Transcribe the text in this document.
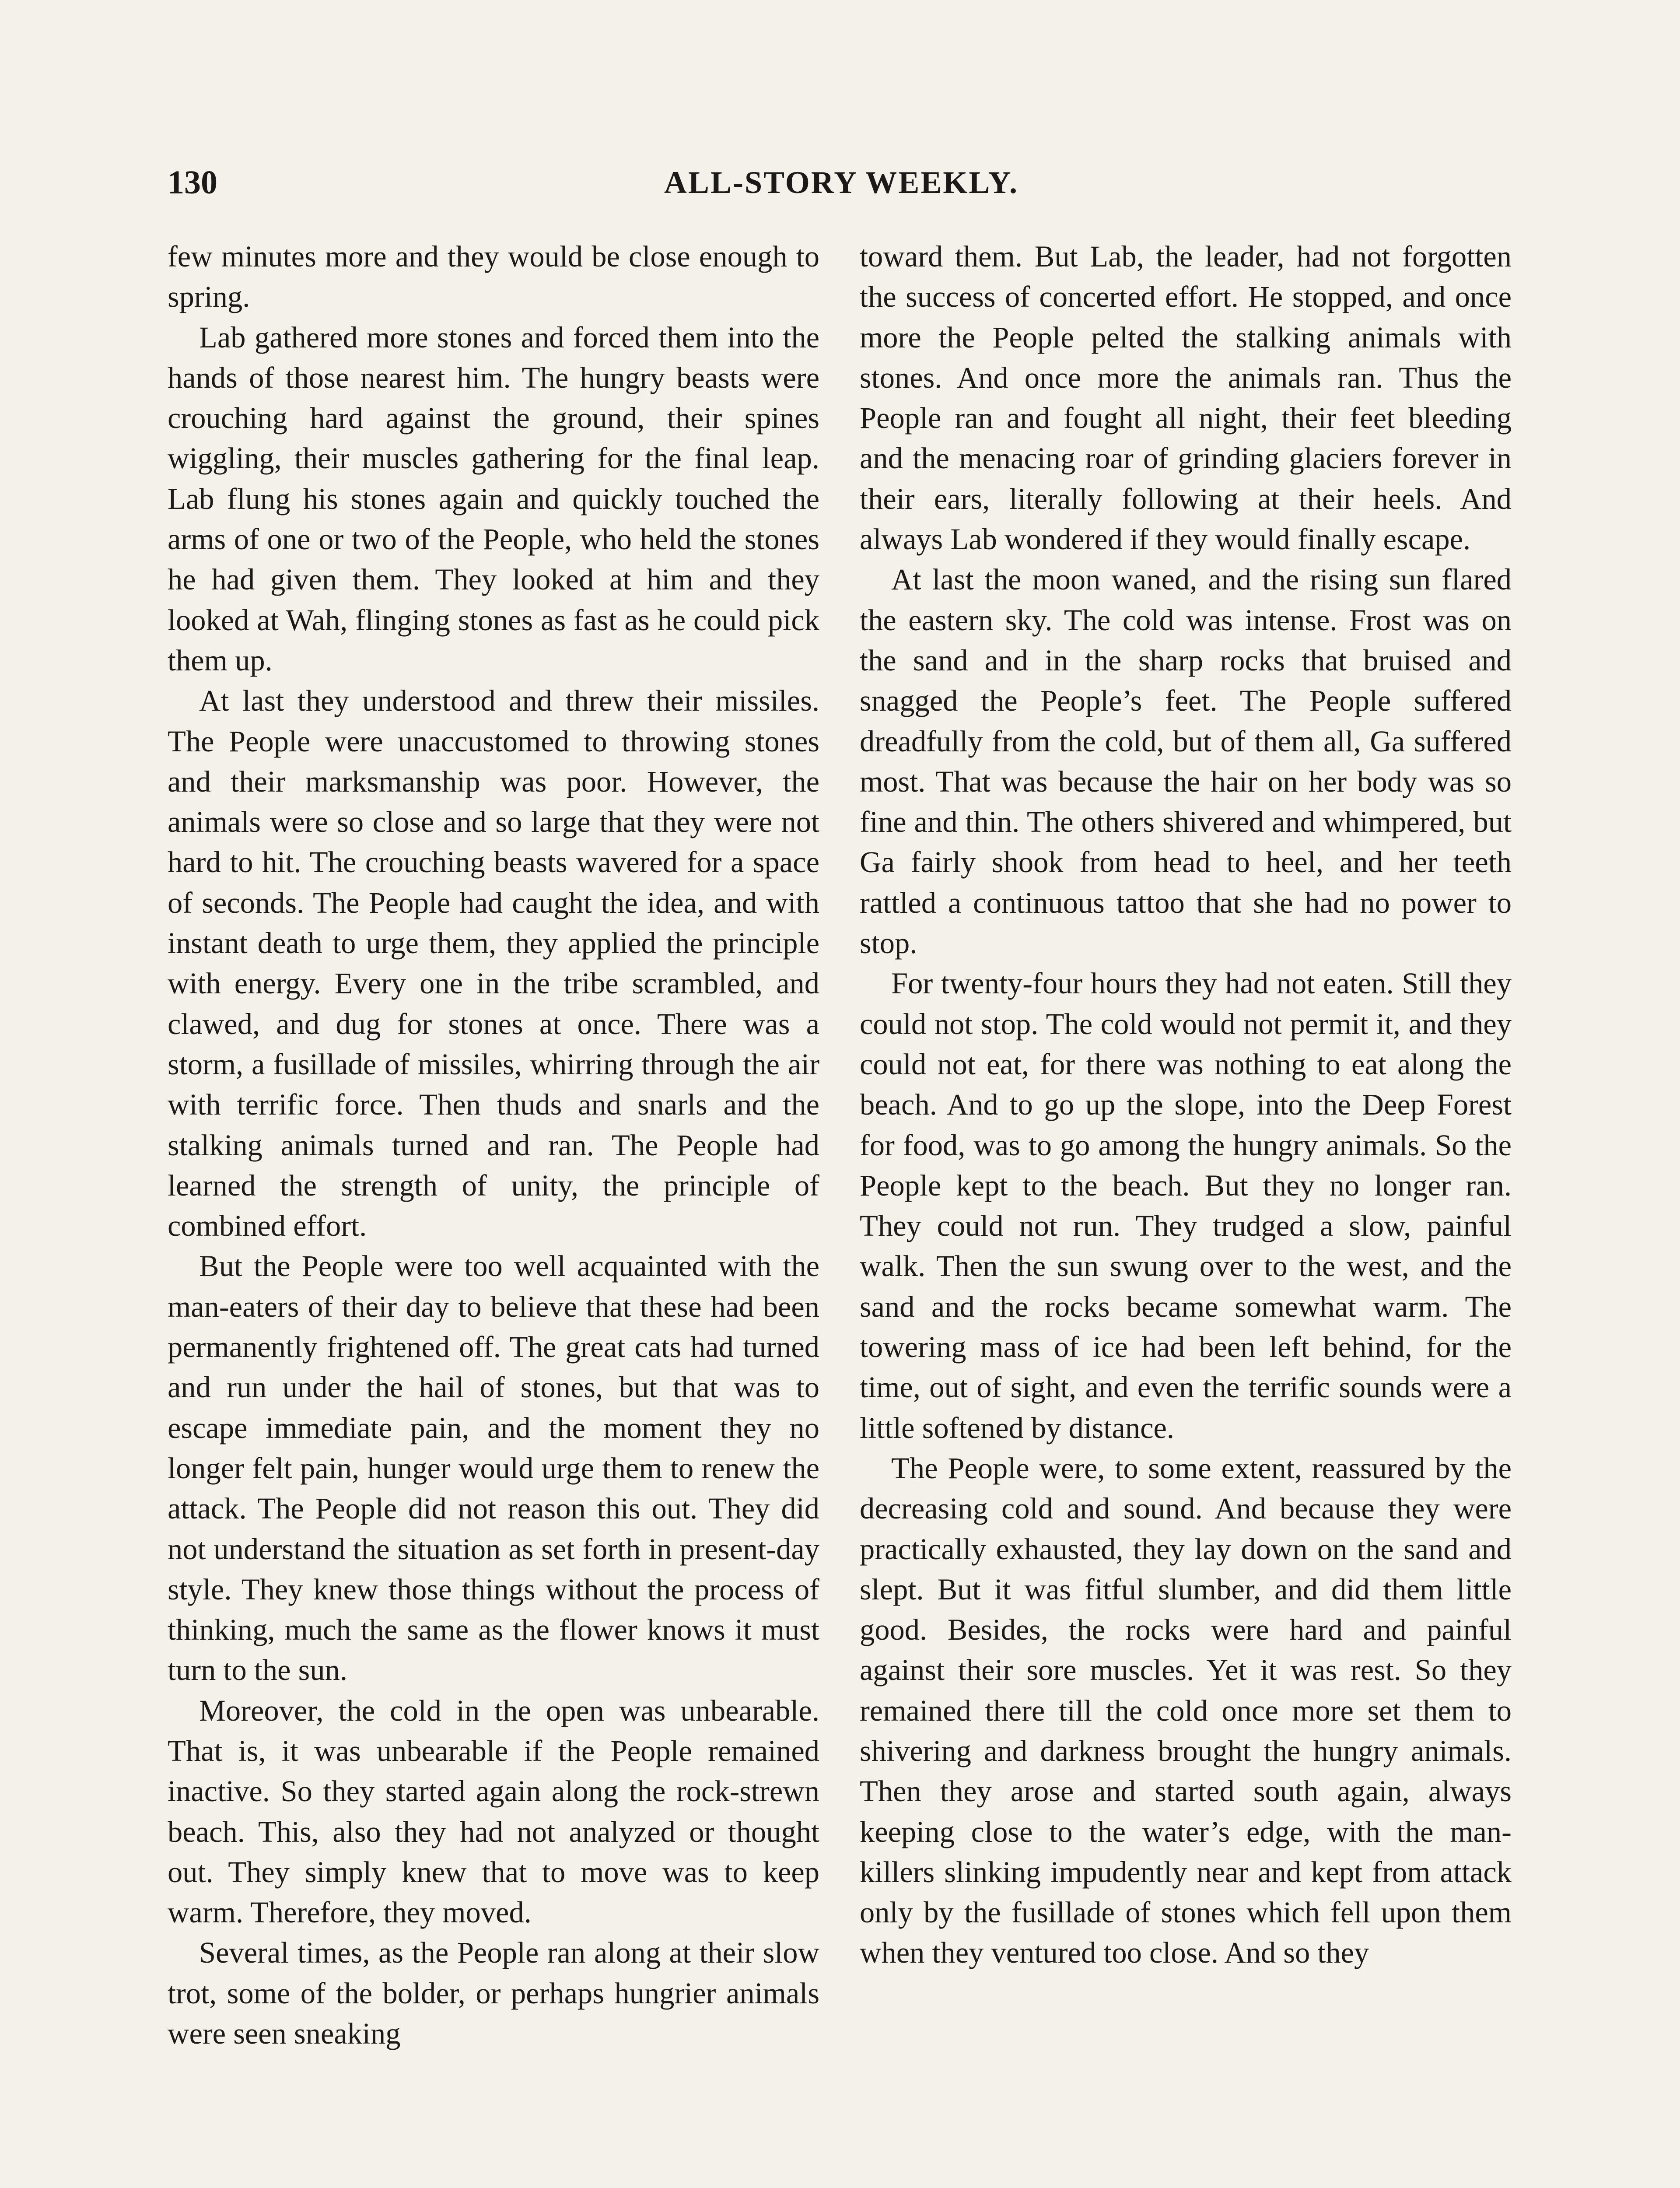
130	ALL-STORY WEEKLY.

few minutes more and they would be close enough to spring.

Lab gathered more stones and forced them into the hands of those nearest him. The hungry beasts were crouching hard against the ground, their spines wiggling, their muscles gathering for the final leap. Lab flung his stones again and quickly touched the arms of one or two of the People, who held the stones he had given them. They looked at him and they looked at Wah, flinging stones as fast as he could pick them up.

At last they understood and threw their missiles. The People were unaccustomed to throwing stones and their marksmanship was poor. However, the animals were so close and so large that they were not hard to hit. The crouching beasts wavered for a space of seconds. The People had caught the idea, and with instant death to urge them, they applied the principle with energy. Every one in the tribe scrambled, and clawed, and dug for stones at once. There was a storm, a fusillade of missiles, whirring through the air with terrific force. Then thuds and snarls and the stalking animals turned and ran. The People had learned the strength of unity, the principle of combined effort.

But the People were too well acquainted with the man-eaters of their day to believe that these had been permanently frightened off. The great cats had turned and run under the hail of stones, but that was to escape immediate pain, and the moment they no longer felt pain, hunger would urge them to renew the attack. The People did not reason this out. They did not understand the situation as set forth in present-day style. They knew those things without the process of thinking, much the same as the flower knows it must turn to the sun.

Moreover, the cold in the open was unbearable. That is, it was unbearable if the People remained inactive. So they started again along the rock-strewn beach. This, also they had not analyzed or thought out. They simply knew that to move was to keep warm. Therefore, they moved.

Several times, as the People ran along at their slow trot, some of the bolder, or perhaps hungrier animals were seen sneaking

toward them. But Lab, the leader, had not forgotten the success of concerted effort. He stopped, and once more the People pelted the stalking animals with stones. And once more the animals ran. Thus the People ran and fought all night, their feet bleeding and the menacing roar of grinding glaciers forever in their ears, literally following at their heels. And always Lab wondered if they would finally escape.

At last the moon waned, and the rising sun flared the eastern sky. The cold was intense. Frost was on the sand and in the sharp rocks that bruised and snagged the People’s feet. The People suffered dreadfully from the cold, but of them all, Ga suffered most. That was because the hair on her body was so fine and thin. The others shivered and whimpered, but Ga fairly shook from head to heel, and her teeth rattled a continuous tattoo that she had no power to stop.

For twenty-four hours they had not eaten. Still they could not stop. The cold would not permit it, and they could not eat, for there was nothing to eat along the beach. And to go up the slope, into the Deep Forest for food, was to go among the hungry animals. So the People kept to the beach. But they no longer ran. They could not run. They trudged a slow, painful walk. Then the sun swung over to the west, and the sand and the rocks became somewhat warm. The towering mass of ice had been left behind, for the time, out of sight, and even the terrific sounds were a little softened by distance.

The People were, to some extent, reassured by the decreasing cold and sound. And because they were practically exhausted, they lay down on the sand and slept. But it was fitful slumber, and did them little good. Besides, the rocks were hard and painful against their sore muscles. Yet it was rest. So they remained there till the cold once more set them to shivering and darkness brought the hungry animals. Then they arose and started south again, always keeping close to the water’s edge, with the man-killers slinking impudently near and kept from attack only by the fusillade of stones which fell upon them when they ventured too close. And so they
